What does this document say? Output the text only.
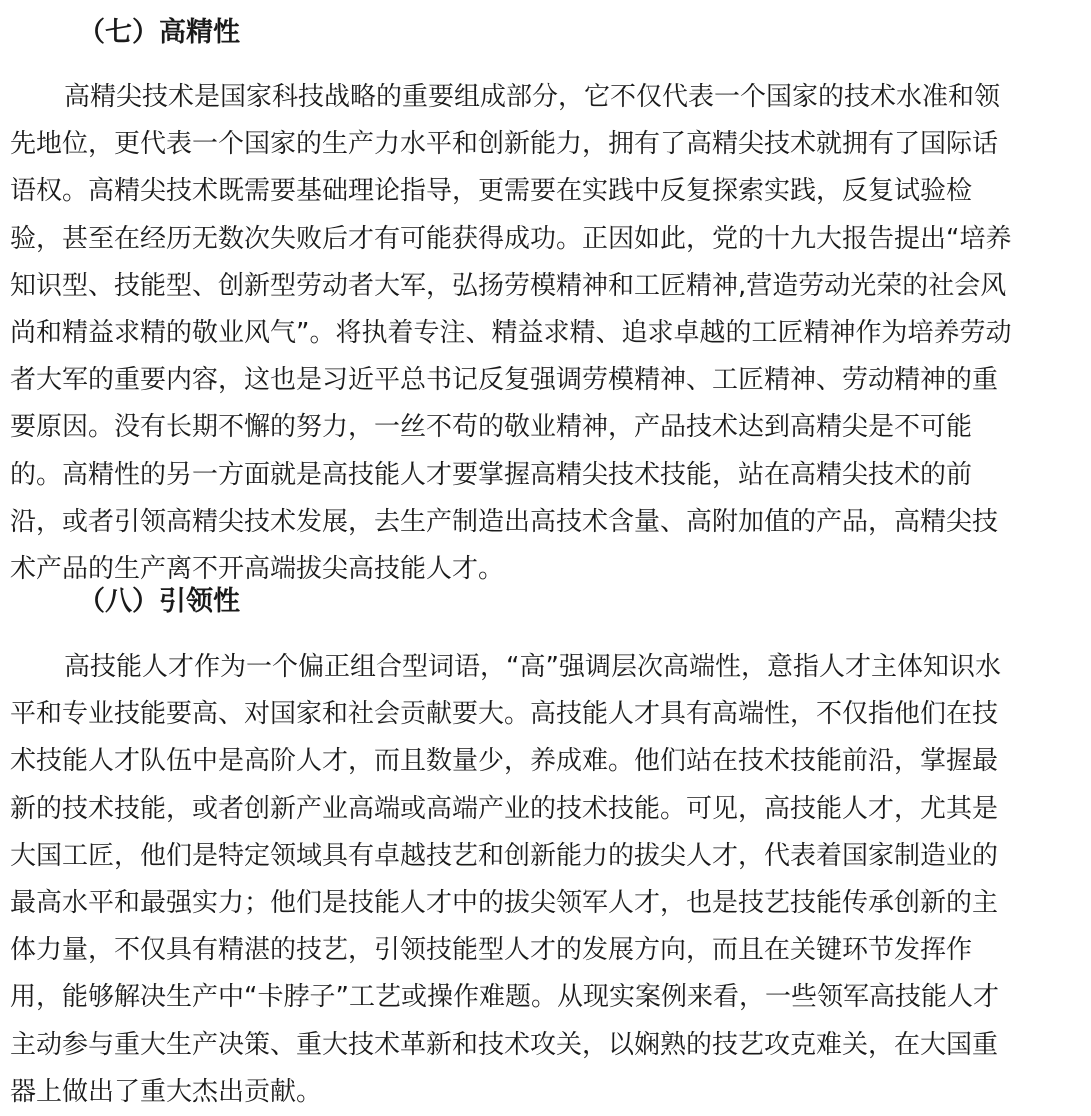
（七）高精性
高精尖技术是国家科技战略的重要组成部分，它不仅代表一个国家的技术水准和领
先地位，更代表一个国家的生产力水平和创新能力，拥有了高精尖技术就拥有了国际话
语权。高精尖技术既需要基础理论指导，更需要在实践中反复探索实践，反复试验检
验，甚至在经历无数次失败后才有可能获得成功。正因如此，党的十九大报告提出“培养
知识型、技能型、创新型劳动者大军，弘扬劳模精神和工匠精神,营造劳动光荣的社会风
尚和精益求精的敬业风气”。将执着专注、精益求精、追求卓越的工匠精神作为培养劳动
者大军的重要内容，这也是习近平总书记反复强调劳模精神、工匠精神、劳动精神的重
要原因。没有长期不懈的努力，一丝不苟的敬业精神，产品技术达到高精尖是不可能
的。高精性的另一方面就是高技能人才要掌握高精尖技术技能，站在高精尖技术的前
沿，或者引领高精尖技术发展，去生产制造出高技术含量、高附加值的产品，高精尖技
术产品的生产离不开高端拔尖高技能人才。
（八）引领性
高技能人才作为一个偏正组合型词语，“高”强调层次高端性，意指人才主体知识水
平和专业技能要高、对国家和社会贡献要大。高技能人才具有高端性，不仅指他们在技
术技能人才队伍中是高阶人才，而且数量少，养成难。他们站在技术技能前沿，掌握最
新的技术技能，或者创新产业高端或高端产业的技术技能。可见，高技能人才，尤其是
大国工匠，他们是特定领域具有卓越技艺和创新能力的拔尖人才，代表着国家制造业的
最高水平和最强实力；他们是技能人才中的拔尖领军人才，也是技艺技能传承创新的主
体力量，不仅具有精湛的技艺，引领技能型人才的发展方向，而且在关键环节发挥作
用，能够解决生产中“卡脖子”工艺或操作难题。从现实案例来看，一些领军高技能人才
主动参与重大生产决策、重大技术革新和技术攻关，以娴熟的技艺攻克难关，在大国重
器上做出了重大杰出贡献。
